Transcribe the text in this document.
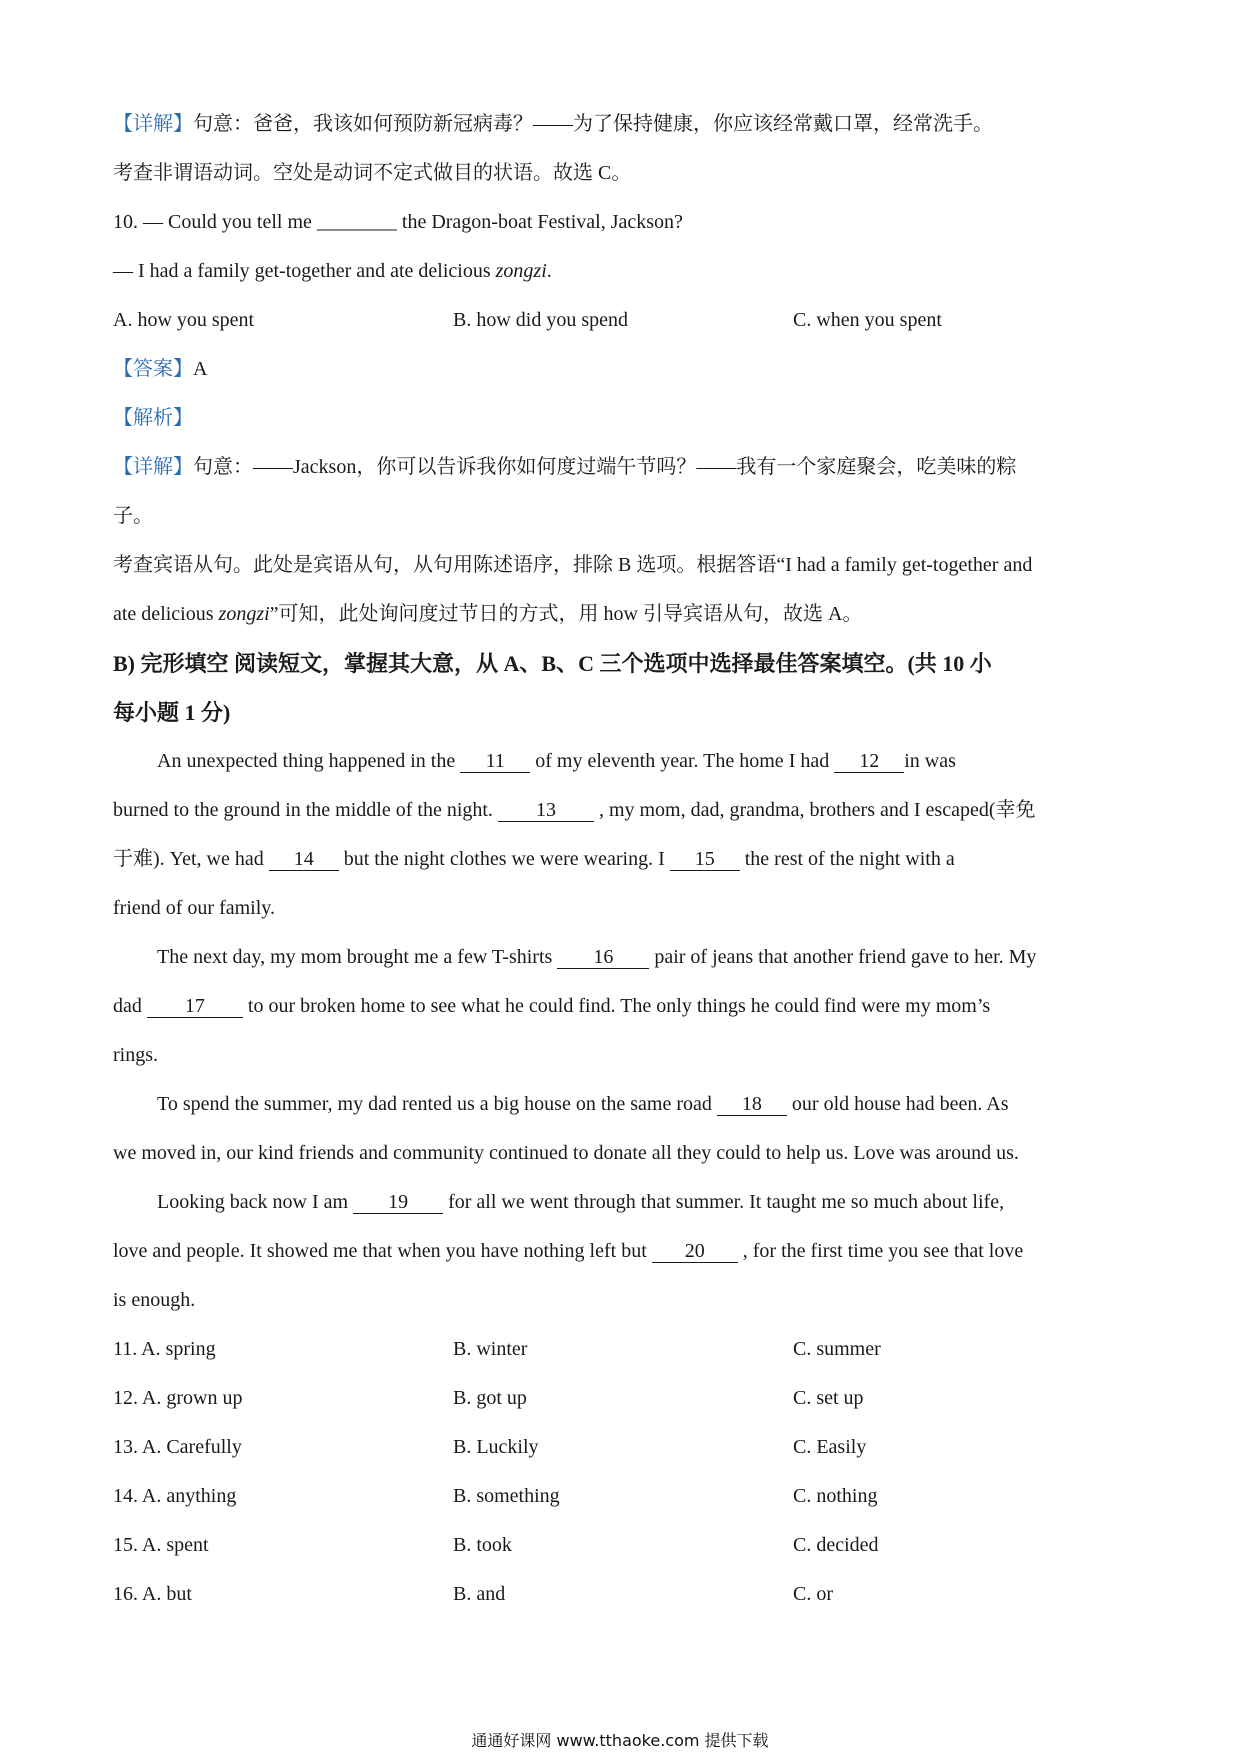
【详解】句意：爸爸，我该如何预防新冠病毒？——为了保持健康，你应该经常戴口罩，经常洗手。
考查非谓语动词。空处是动词不定式做目的状语。故选 C。
10. — Could you tell me ________ the Dragon-boat Festival, Jackson?
— I had a family get-together and ate delicious zongzi.
A. how you spent	B. how did you spend	C. when you spent
【答案】A
【解析】
【详解】句意：——Jackson，你可以告诉我你如何度过端午节吗？——我有一个家庭聚会，吃美味的粽
子。
考查宾语从句。此处是宾语从句，从句用陈述语序，排除 B 选项。根据答语“I had a family get-together and
ate delicious zongzi”可知，此处询问度过节日的方式，用 how 引导宾语从句，故选 A。
B) 完形填空 阅读短文，掌握其大意，从 A、B、C 三个选项中选择最佳答案填空。(共 10 小
每小题 1 分)
An unexpected thing happened in the 11 of my eleventh year. The home I had 12 in was
burned to the ground in the middle of the night. 13 , my mom, dad, grandma, brothers and I escaped(幸免
于难). Yet, we had 14 but the night clothes we were wearing. I 15 the rest of the night with a
friend of our family.
The next day, my mom brought me a few T-shirts 16 pair of jeans that another friend gave to her. My
dad 17 to our broken home to see what he could find. The only things he could find were my mom’s
rings.
To spend the summer, my dad rented us a big house on the same road 18 our old house had been. As
we moved in, our kind friends and community continued to donate all they could to help us. Love was around us.
Looking back now I am 19 for all we went through that summer. It taught me so much about life,
love and people. It showed me that when you have nothing left but 20 , for the first time you see that love
is enough.
11. A. spring	B. winter	C. summer
12. A. grown up	B. got up	C. set up
13. A. Carefully	B. Luckily	C. Easily
14. A. anything	B. something	C. nothing
15. A. spent	B. took	C. decided
16. A. but	B. and	C. or
通通好课网 www.tthaoke.com 提供下载
